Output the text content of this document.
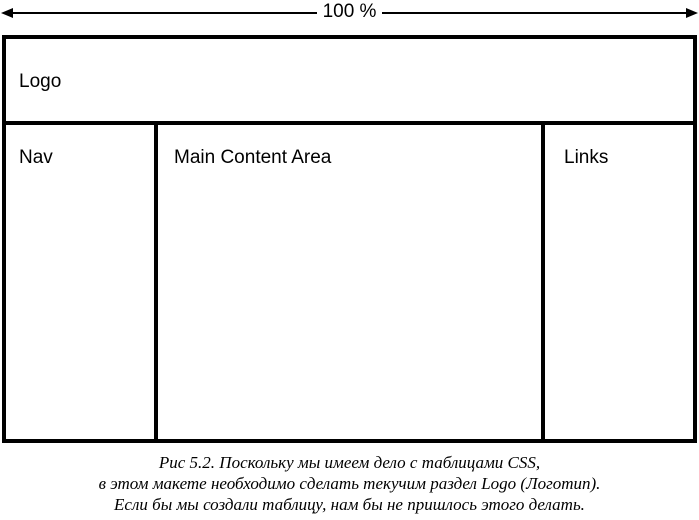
100 %
Logo
Nav	Main Content Area	Links
Рис 5.2. Поскольку мы имеем дело с таблицами CSS,
в этом макете необходимо сделать текучим раздел Logo (Логотип).
Если бы мы создали таблицу, нам бы не пришлось этого делать.
